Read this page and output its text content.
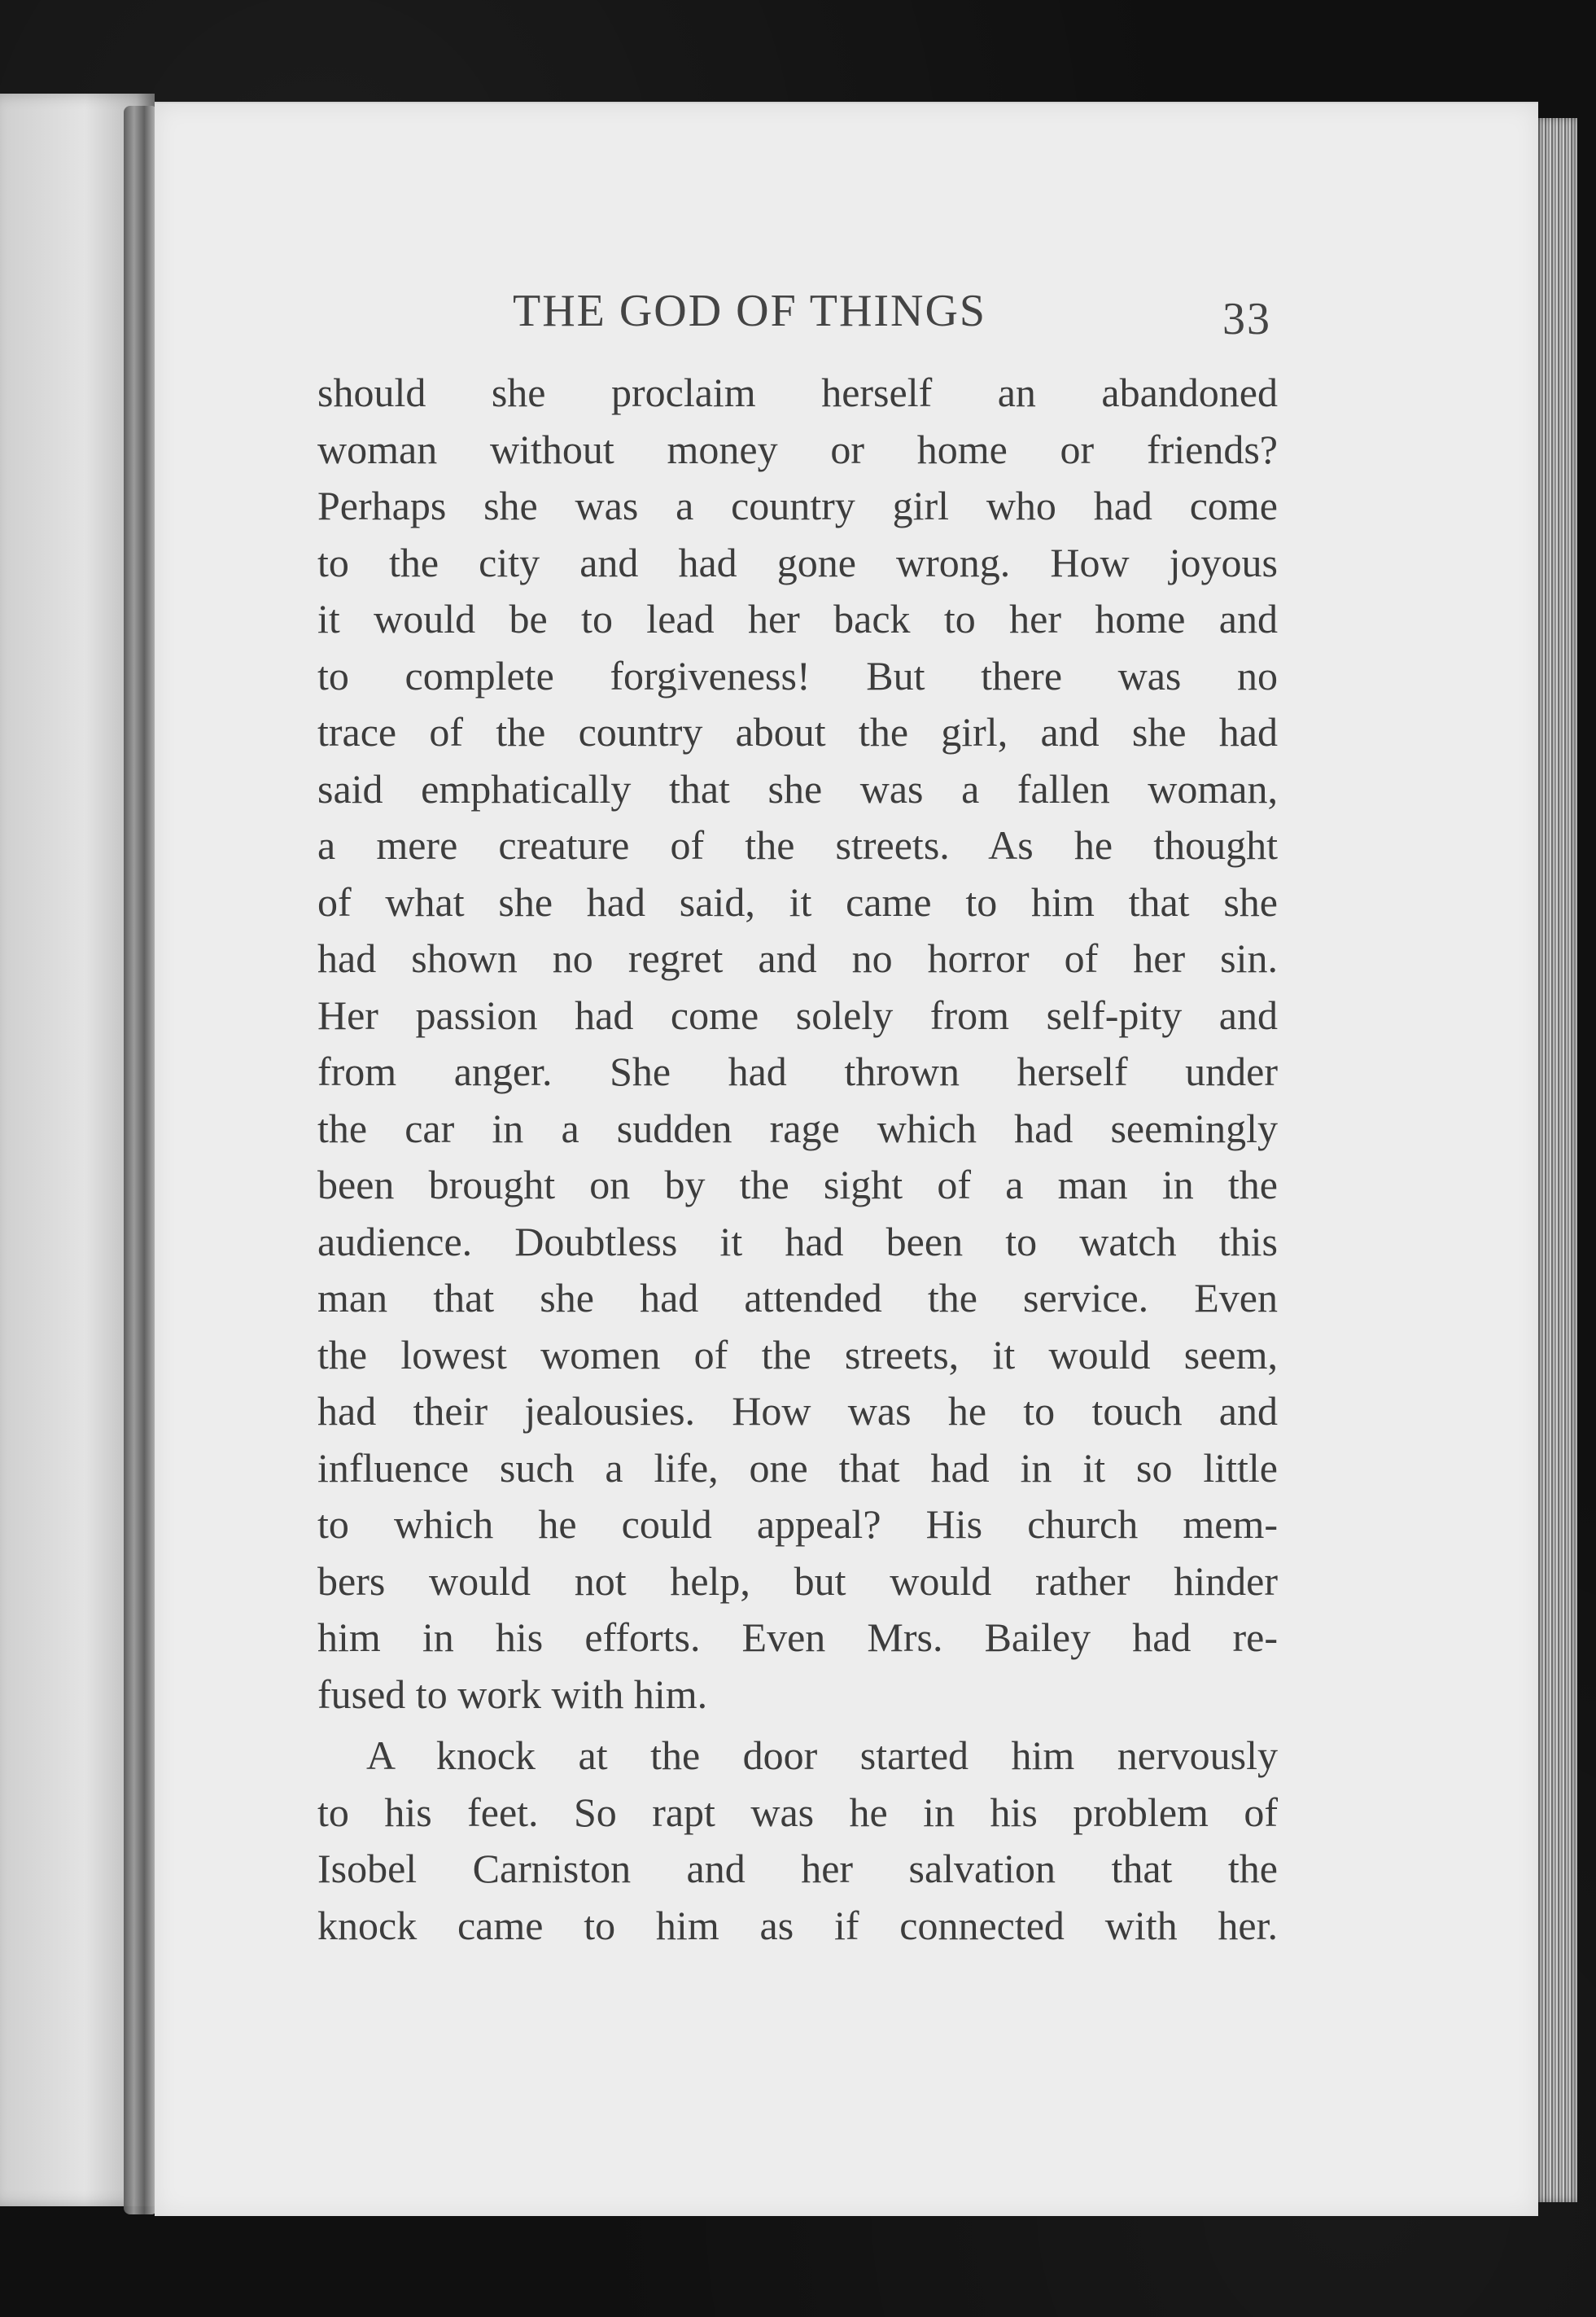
THE GOD OF THINGS	33
should she proclaim herself an abandoned
woman without money or home or friends?
Perhaps she was a country girl who had come
to the city and had gone wrong. How joyous
it would be to lead her back to her home and
to complete forgiveness! But there was no
trace of the country about the girl, and she had
said emphatically that she was a fallen woman,
a mere creature of the streets. As he thought
of what she had said, it came to him that she
had shown no regret and no horror of her sin.
Her passion had come solely from self-pity and
from anger. She had thrown herself under
the car in a sudden rage which had seemingly
been brought on by the sight of a man in the
audience. Doubtless it had been to watch this
man that she had attended the service. Even
the lowest women of the streets, it would seem,
had their jealousies. How was he to touch and
influence such a life, one that had in it so little
to which he could appeal? His church mem-
bers would not help, but would rather hinder
him in his efforts. Even Mrs. Bailey had re-
fused to work with him.
A knock at the door started him nervously
to his feet. So rapt was he in his problem of
Isobel Carniston and her salvation that the
knock came to him as if connected with her.
